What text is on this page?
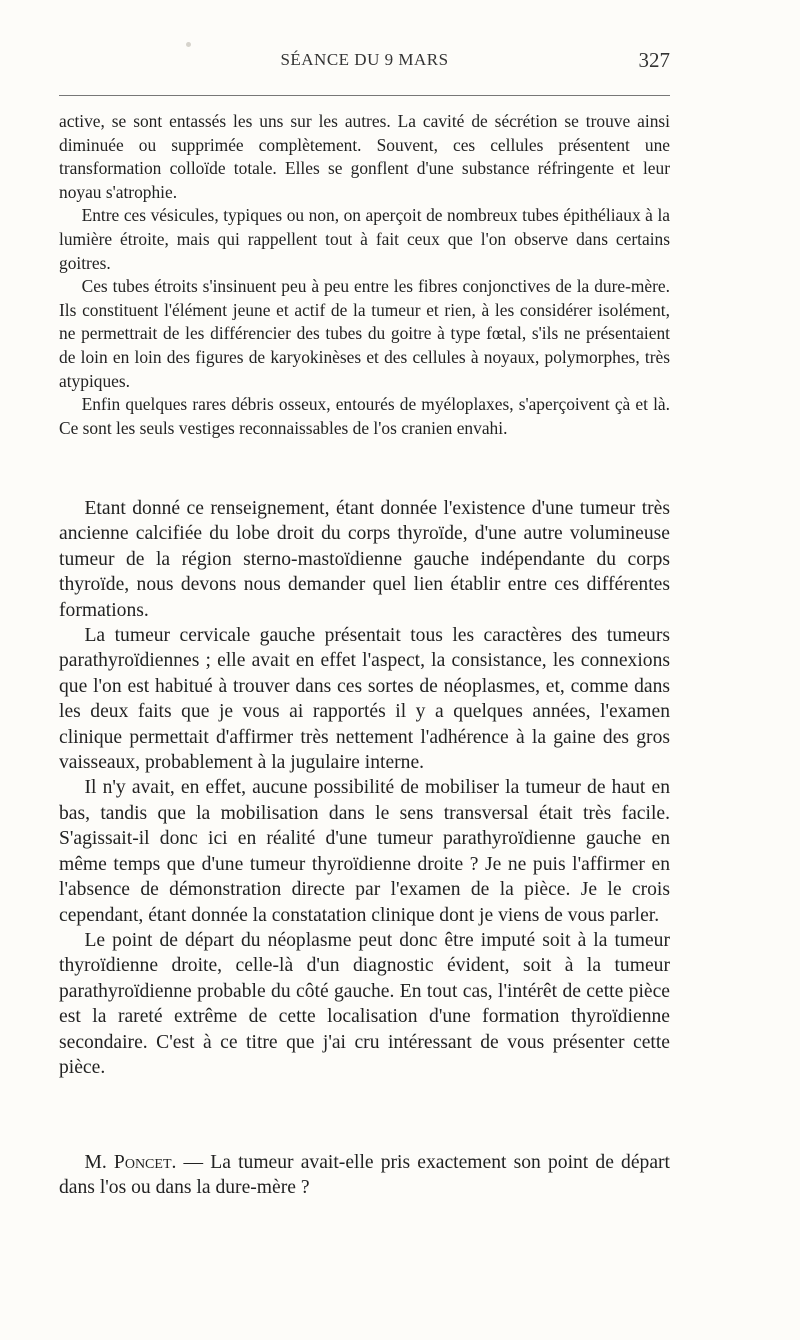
SÉANCE DU 9 MARS	327

active, se sont entassés les uns sur les autres. La cavité de sécrétion se trouve ainsi diminuée ou supprimée complètement. Souvent, ces cellules présentent une transformation colloïde totale. Elles se gonflent d'une substance réfringente et leur noyau s'atrophie.

Entre ces vésicules, typiques ou non, on aperçoit de nombreux tubes épithéliaux à la lumière étroite, mais qui rappellent tout à fait ceux que l'on observe dans certains goitres.

Ces tubes étroits s'insinuent peu à peu entre les fibres conjonctives de la dure-mère. Ils constituent l'élément jeune et actif de la tumeur et rien, à les considérer isolément, ne permettrait de les différencier des tubes du goitre à type fœtal, s'ils ne présentaient de loin en loin des figures de karyokinèses et des cellules à noyaux, polymorphes, très atypiques.

Enfin quelques rares débris osseux, entourés de myéloplaxes, s'aperçoivent çà et là. Ce sont les seuls vestiges reconnaissables de l'os cranien envahi.

Etant donné ce renseignement, étant donnée l'existence d'une tumeur très ancienne calcifiée du lobe droit du corps thyroïde, d'une autre volumineuse tumeur de la région sterno-mastoïdienne gauche indépendante du corps thyroïde, nous devons nous demander quel lien établir entre ces différentes formations.

La tumeur cervicale gauche présentait tous les caractères des tumeurs parathyroïdiennes ; elle avait en effet l'aspect, la consistance, les connexions que l'on est habitué à trouver dans ces sortes de néoplasmes, et, comme dans les deux faits que je vous ai rapportés il y a quelques années, l'examen clinique permettait d'affirmer très nettement l'adhérence à la gaine des gros vaisseaux, probablement à la jugulaire interne.

Il n'y avait, en effet, aucune possibilité de mobiliser la tumeur de haut en bas, tandis que la mobilisation dans le sens transversal était très facile. S'agissait-il donc ici en réalité d'une tumeur parathyroïdienne gauche en même temps que d'une tumeur thyroïdienne droite ? Je ne puis l'affirmer en l'absence de démonstration directe par l'examen de la pièce. Je le crois cependant, étant donnée la constatation clinique dont je viens de vous parler.

Le point de départ du néoplasme peut donc être imputé soit à la tumeur thyroïdienne droite, celle-là d'un diagnostic évident, soit à la tumeur parathyroïdienne probable du côté gauche. En tout cas, l'intérêt de cette pièce est la rareté extrême de cette localisation d'une formation thyroïdienne secondaire. C'est à ce titre que j'ai cru intéressant de vous présenter cette pièce.

M. Poncet. — La tumeur avait-elle pris exactement son point de départ dans l'os ou dans la dure-mère ?
